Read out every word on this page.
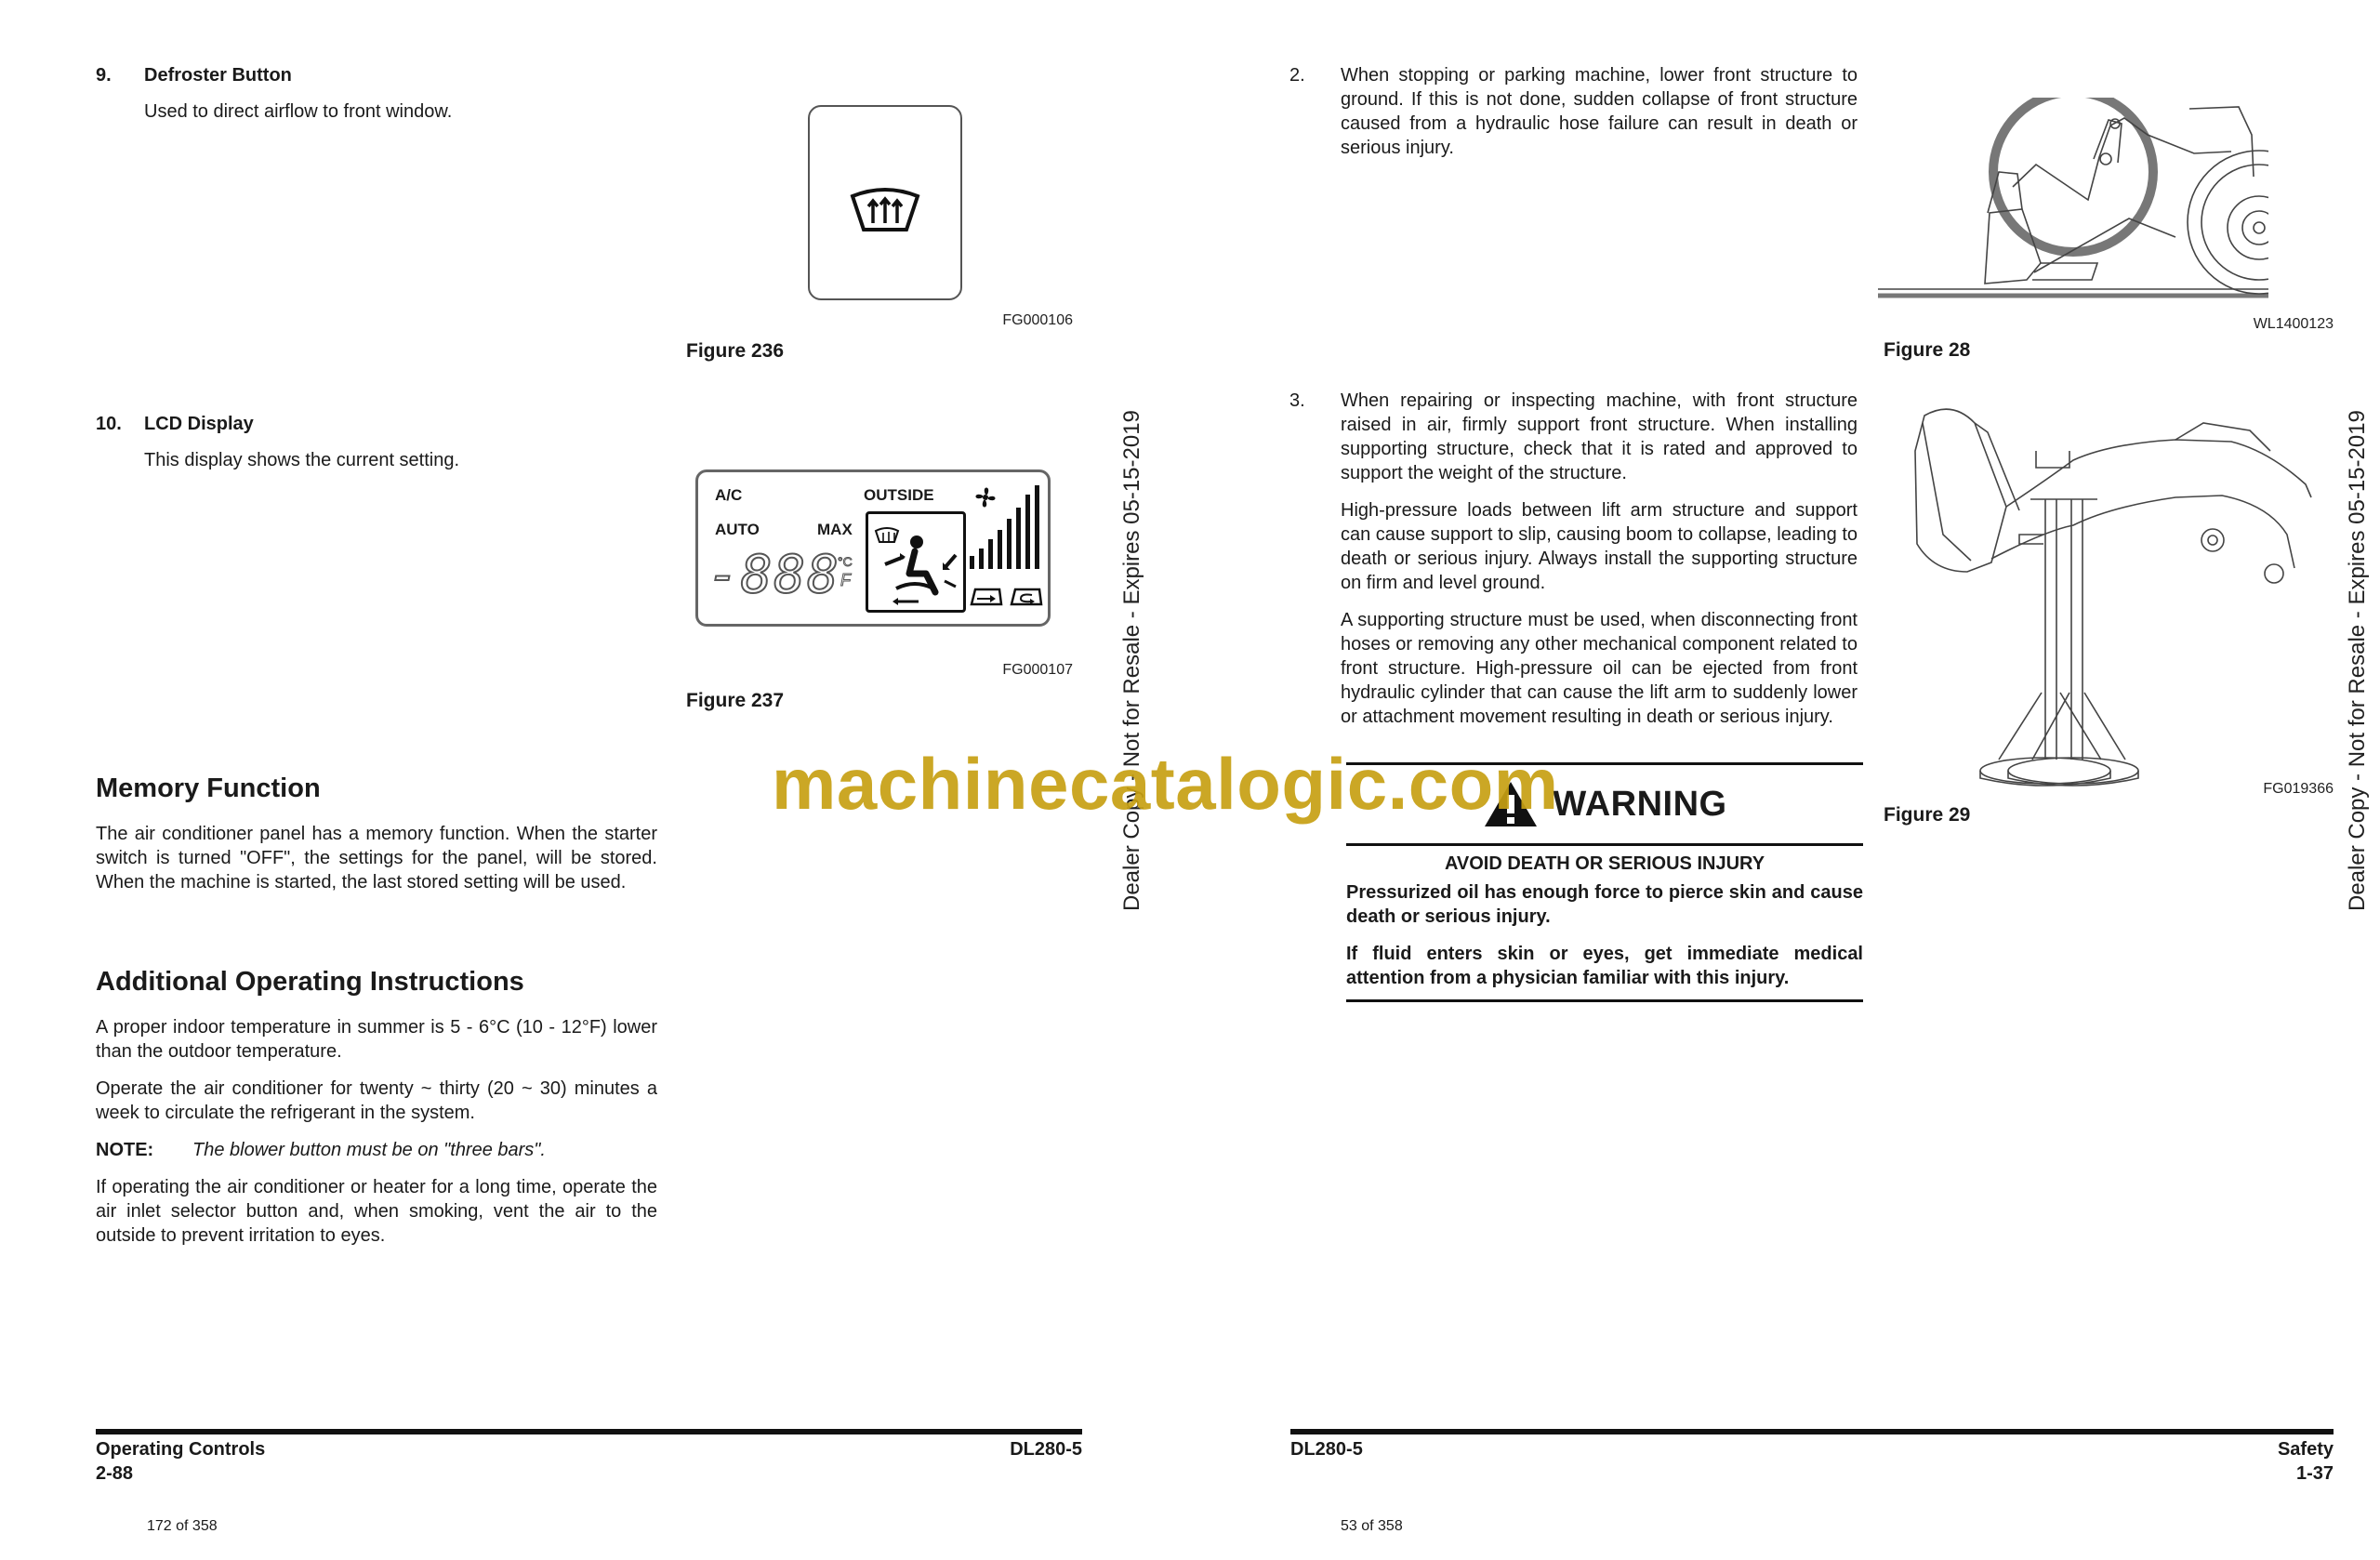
9. Defroster Button
Used to direct airflow to front window.
FG000106
Figure 236
10. LCD Display
This display shows the current setting.
A/C
AUTO	MAX
OUTSIDE
-888
°C
F
FG000107
Figure 237
Memory Function
The air conditioner panel has a memory function. When the starter switch is turned "OFF", the settings for the panel, will be stored. When the machine is started, the last stored setting will be used.
Additional Operating Instructions

A proper indoor temperature in summer is 5 - 6°C (10 - 12°F) lower than the outdoor temperature.

Operate the air conditioner for twenty ~ thirty (20 ~ 30) minutes a week to circulate the refrigerant in the system.

NOTE: The blower button must be on "three bars".

If operating the air conditioner or heater for a long time, operate the air inlet selector button and, when smoking, vent the air to the outside to prevent irritation to eyes.

Operating Controls
2-88
DL280-5
172 of 358
Dealer Copy - Not for Resale - Expires 05-15-2019
2. When stopping or parking machine, lower front structure to ground. If this is not done, sudden collapse of front structure caused from a hydraulic hose failure can result in death or serious injury.
WL1400123
Figure 28
3. When repairing or inspecting machine, with front structure raised in air, firmly support front structure. When installing supporting structure, check that it is rated and approved to support the weight of the structure.

High-pressure loads between lift arm structure and support can cause support to slip, causing boom to collapse, leading to death or serious injury. Always install the supporting structure on firm and level ground.

A supporting structure must be used, when disconnecting front hoses or removing any other mechanical component related to front structure. High-pressure oil can be ejected from front hydraulic cylinder that can cause the lift arm to suddenly lower or attachment movement resulting in death or serious injury.

FG019366
Figure 29
WARNING
AVOID DEATH OR SERIOUS INJURY

Pressurized oil has enough force to pierce skin and cause death or serious injury.

If fluid enters skin or eyes, get immediate medical attention from a physician familiar with this injury.

DL280-5	Safety
1-37
53 of 358
Dealer Copy - Not for Resale - Expires 05-15-2019
machinecatalogic.com
